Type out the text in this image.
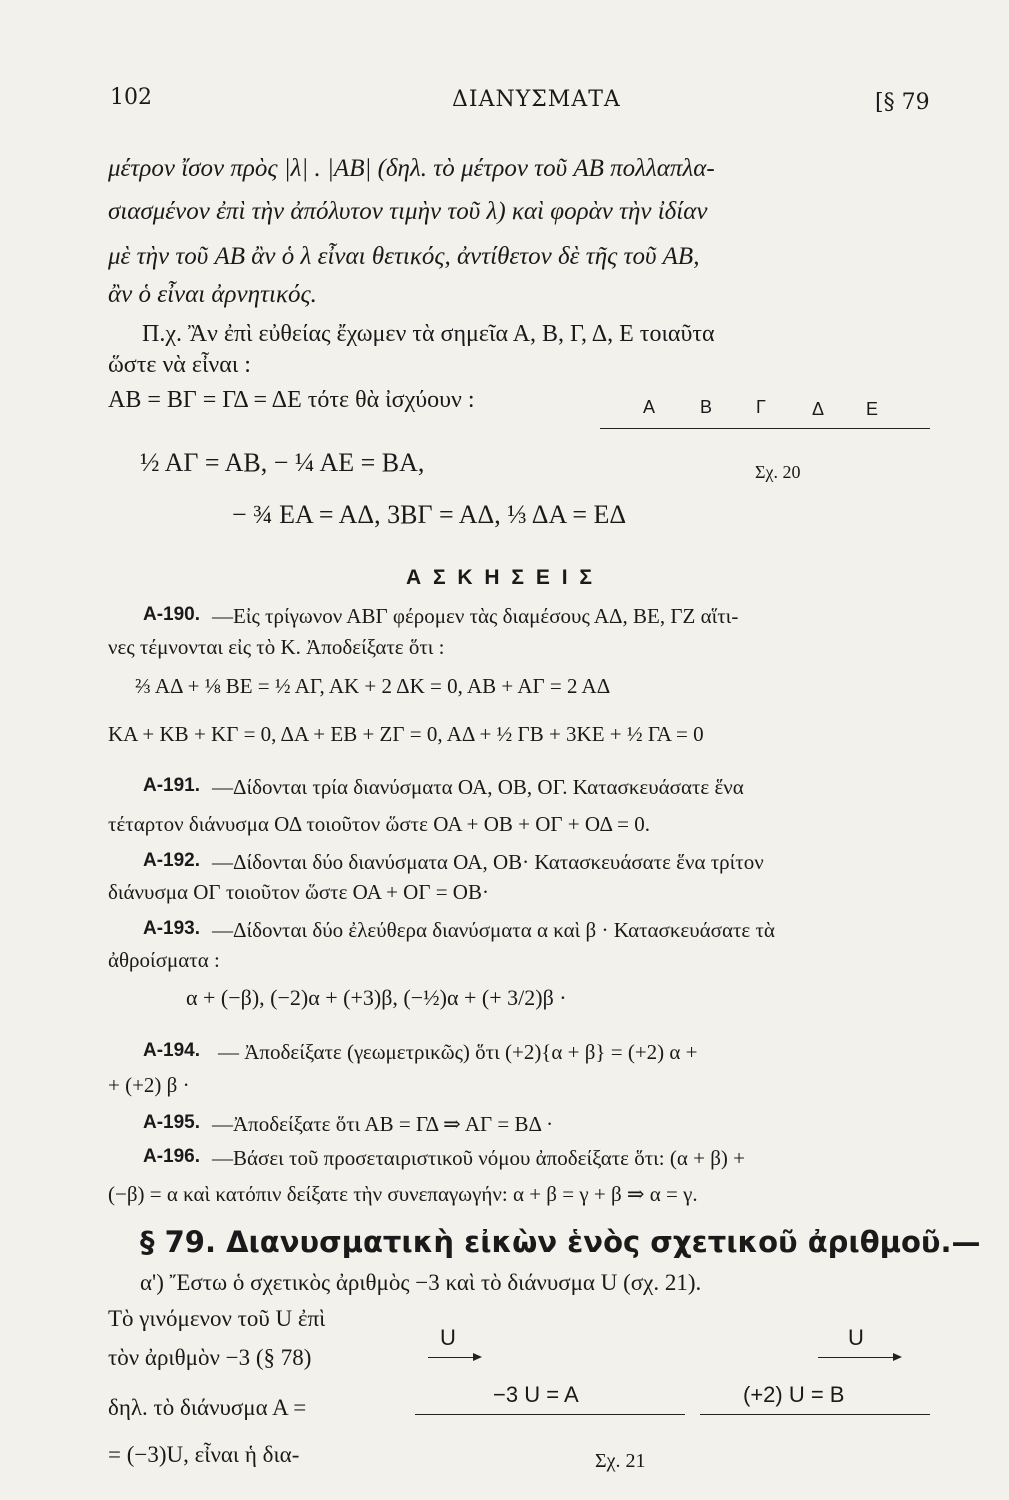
102	ΔΙΑΝΥΣΜΑΤΑ	[§ 79
μέτρον ἴσον πρὸς |λ| . |AB| (δηλ. τὸ μέτρον τοῦ AB πολλαπλα-
σιασμένον ἐπὶ τὴν ἀπόλυτον τιμὴν τοῦ λ) καὶ φορὰν τὴν ἰδίαν
μὲ τὴν τοῦ AB ἂν ὁ λ εἶναι θετικός, ἀντίθετον δὲ τῆς τοῦ AB,
ἂν ὁ εἶναι ἀρνητικός.
Π.χ. Ἂν ἐπὶ εὐθείας ἔχωμεν τὰ σημεῖα Α, Β, Γ, Δ, Ε τοιαῦτα
ὥστε νὰ εἶναι :
ΑΒ = ΒΓ = ΓΔ = ΔΕ τότε θὰ ἰσχύουν :	Α Β Γ	Δ Ε
Σχ. 20
½ ΑΓ = ΑΒ, − ¼ ΑΕ = ΒΑ,
− ¾ ΕΑ = ΑΔ, 3ΒΓ = ΑΔ, ⅓ ΔΑ = ΕΔ
Α Σ Κ Η Σ Ε Ι Σ
Α-190. —Εἰς τρίγωνον ΑΒΓ φέρομεν τὰς διαμέσους ΑΔ, ΒΕ, ΓΖ αἵτι-
νες τέμνονται εἰς τὸ Κ. Ἀποδείξατε ὅτι :
⅔ ΑΔ + ⅛ ΒΕ = ½ ΑΓ, ΑΚ + 2 ΔΚ = 0, ΑΒ + ΑΓ = 2 ΑΔ
ΚΑ + ΚΒ + ΚΓ = 0, ΔΑ + ΕΒ + ΖΓ = 0, ΑΔ + ½ ΓΒ + 3ΚΕ + ½ ΓΑ = 0
Α-191. —Δίδονται τρία διανύσματα ΟΑ, ΟΒ, ΟΓ. Κατασκευάσατε ἕνα
τέταρτον διάνυσμα ΟΔ τοιοῦτον ὥστε ΟΑ + ΟΒ + ΟΓ + ΟΔ = 0.
Α-192. —Δίδονται δύο διανύσματα ΟΑ, ΟΒ· Κατασκευάσατε ἕνα τρίτον
διάνυσμα ΟΓ τοιοῦτον ὥστε ΟΑ + ΟΓ = ΟΒ·
Α-193. —Δίδονται δύο ἐλεύθερα διανύσματα α καὶ β · Κατασκευάσατε τὰ
ἀθροίσματα :
α + (−β), (−2)α + (+3)β, (−½)α + (+ 3/2)β ·
Α-194. — Ἀποδείξατε (γεωμετρικῶς) ὅτι (+2){α + β} = (+2) α +
+ (+2) β ·
Α-195. —Ἀποδείξατε ὅτι ΑΒ = ΓΔ ⇒ ΑΓ = ΒΔ ·
Α-196. —Βάσει τοῦ προσεταιριστικοῦ νόμου ἀποδείξατε ὅτι: (α + β) +
(−β) = α καὶ κατόπιν δείξατε τὴν συνεπαγωγήν: α + β = γ + β ⇒ α = γ.
§ 79. Διανυσματικὴ εἰκὼν ἑνὸς σχετικοῦ ἀριθμοῦ.—
α') Ἔστω ὁ σχετικὸς ἀριθμὸς −3 καὶ τὸ διάνυσμα U (σχ. 21).
Τὸ γινόμενον τοῦ U ἐπὶ
τὸν ἀριθμὸν −3 (§ 78)
δηλ. τὸ διάνυσμα Α =
= (−3)U, εἶναι ἡ δια-
U	U
−3 U = A	(+2) U = B
Σχ. 21
